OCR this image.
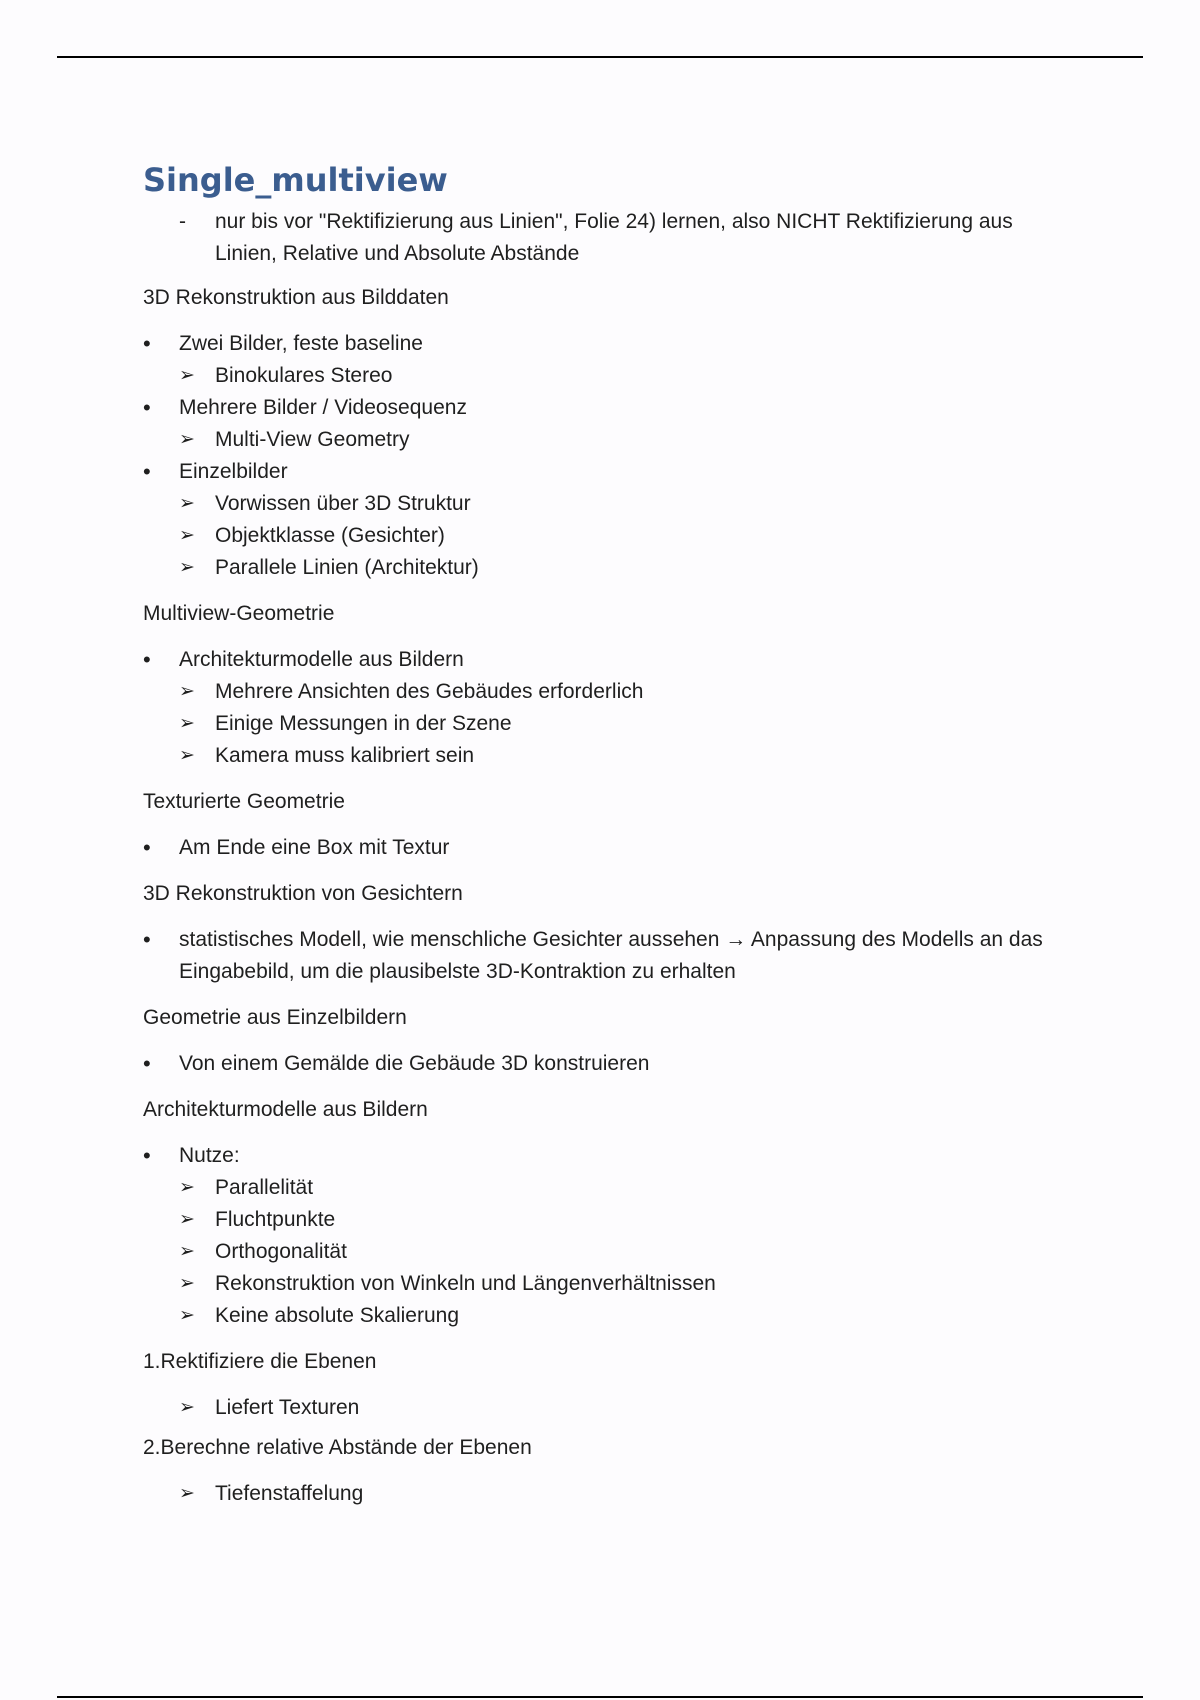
Single_multiview

- nur bis vor "Rektifizierung aus Linien", Folie 24) lernen, also NICHT Rektifizierung aus Linien, Relative und Absolute Abstände

3D Rekonstruktion aus Bilddaten

• Zwei Bilder, feste baseline
➢ Binokulares Stereo
• Mehrere Bilder / Videosequenz
➢ Multi-View Geometry
• Einzelbilder
➢ Vorwissen über 3D Struktur
➢ Objektklasse (Gesichter)
➢ Parallele Linien (Architektur)

Multiview-Geometrie

• Architekturmodelle aus Bildern
➢ Mehrere Ansichten des Gebäudes erforderlich
➢ Einige Messungen in der Szene
➢ Kamera muss kalibriert sein

Texturierte Geometrie

• Am Ende eine Box mit Textur

3D Rekonstruktion von Gesichtern

• statistisches Modell, wie menschliche Gesichter aussehen → Anpassung des Modells an das Eingabebild, um die plausibelste 3D-Kontraktion zu erhalten

Geometrie aus Einzelbildern

• Von einem Gemälde die Gebäude 3D konstruieren

Architekturmodelle aus Bildern

• Nutze:
➢ Parallelität
➢ Fluchtpunkte
➢ Orthogonalität
➢ Rekonstruktion von Winkeln und Längenverhältnissen
➢ Keine absolute Skalierung

1.Rektifiziere die Ebenen

➢ Liefert Texturen

2.Berechne relative Abstände der Ebenen

➢ Tiefenstaffelung
